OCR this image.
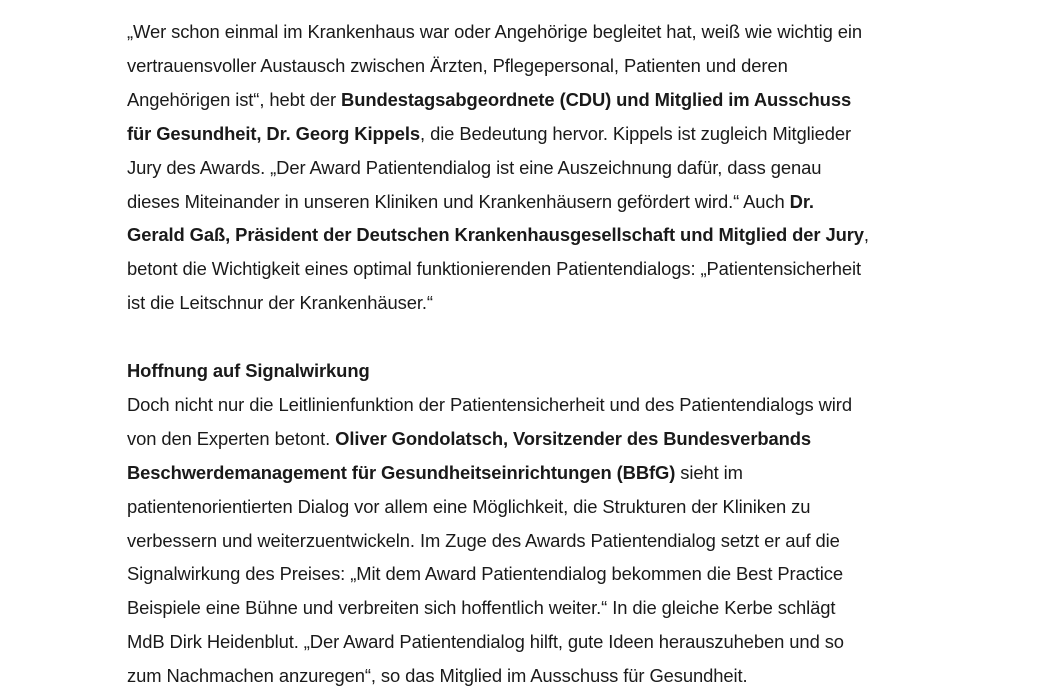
„Wer schon einmal im Krankenhaus war oder Angehörige begleitet hat, weiß wie wichtig ein

vertrauensvoller Austausch zwischen Ärzten, Pflegepersonal, Patienten und deren

Angehörigen ist“, hebt der Bundestagsabgeordnete (CDU) und Mitglied im Ausschuss

für Gesundheit, Dr. Georg Kippels, die Bedeutung hervor. Kippels ist zugleich Mitglieder

Jury des Awards. „Der Award Patientendialog ist eine Auszeichnung dafür, dass genau

dieses Miteinander in unseren Kliniken und Krankenhäusern gefördert wird.“ Auch Dr.

Gerald Gaß, Präsident der Deutschen Krankenhausgesellschaft und Mitglied der Jury,

betont die Wichtigkeit eines optimal funktionierenden Patientendialogs: „Patientensicherheit

ist die Leitschnur der Krankenhäuser.“

Hoffnung auf Signalwirkung

Doch nicht nur die Leitlinienfunktion der Patientensicherheit und des Patientendialogs wird

von den Experten betont. Oliver Gondolatsch, Vorsitzender des Bundesverbands

Beschwerdemanagement für Gesundheitseinrichtungen (BBfG) sieht im

patientenorientierten Dialog vor allem eine Möglichkeit, die Strukturen der Kliniken zu

verbessern und weiterzuentwickeln. Im Zuge des Awards Patientendialog setzt er auf die

Signalwirkung des Preises: „Mit dem Award Patientendialog bekommen die Best Practice

Beispiele eine Bühne und verbreiten sich hoffentlich weiter.“ In die gleiche Kerbe schlägt

MdB Dirk Heidenblut. „Der Award Patientendialog hilft, gute Ideen herauszuheben und so

zum Nachmachen anzuregen“, so das Mitglied im Ausschuss für Gesundheit.
